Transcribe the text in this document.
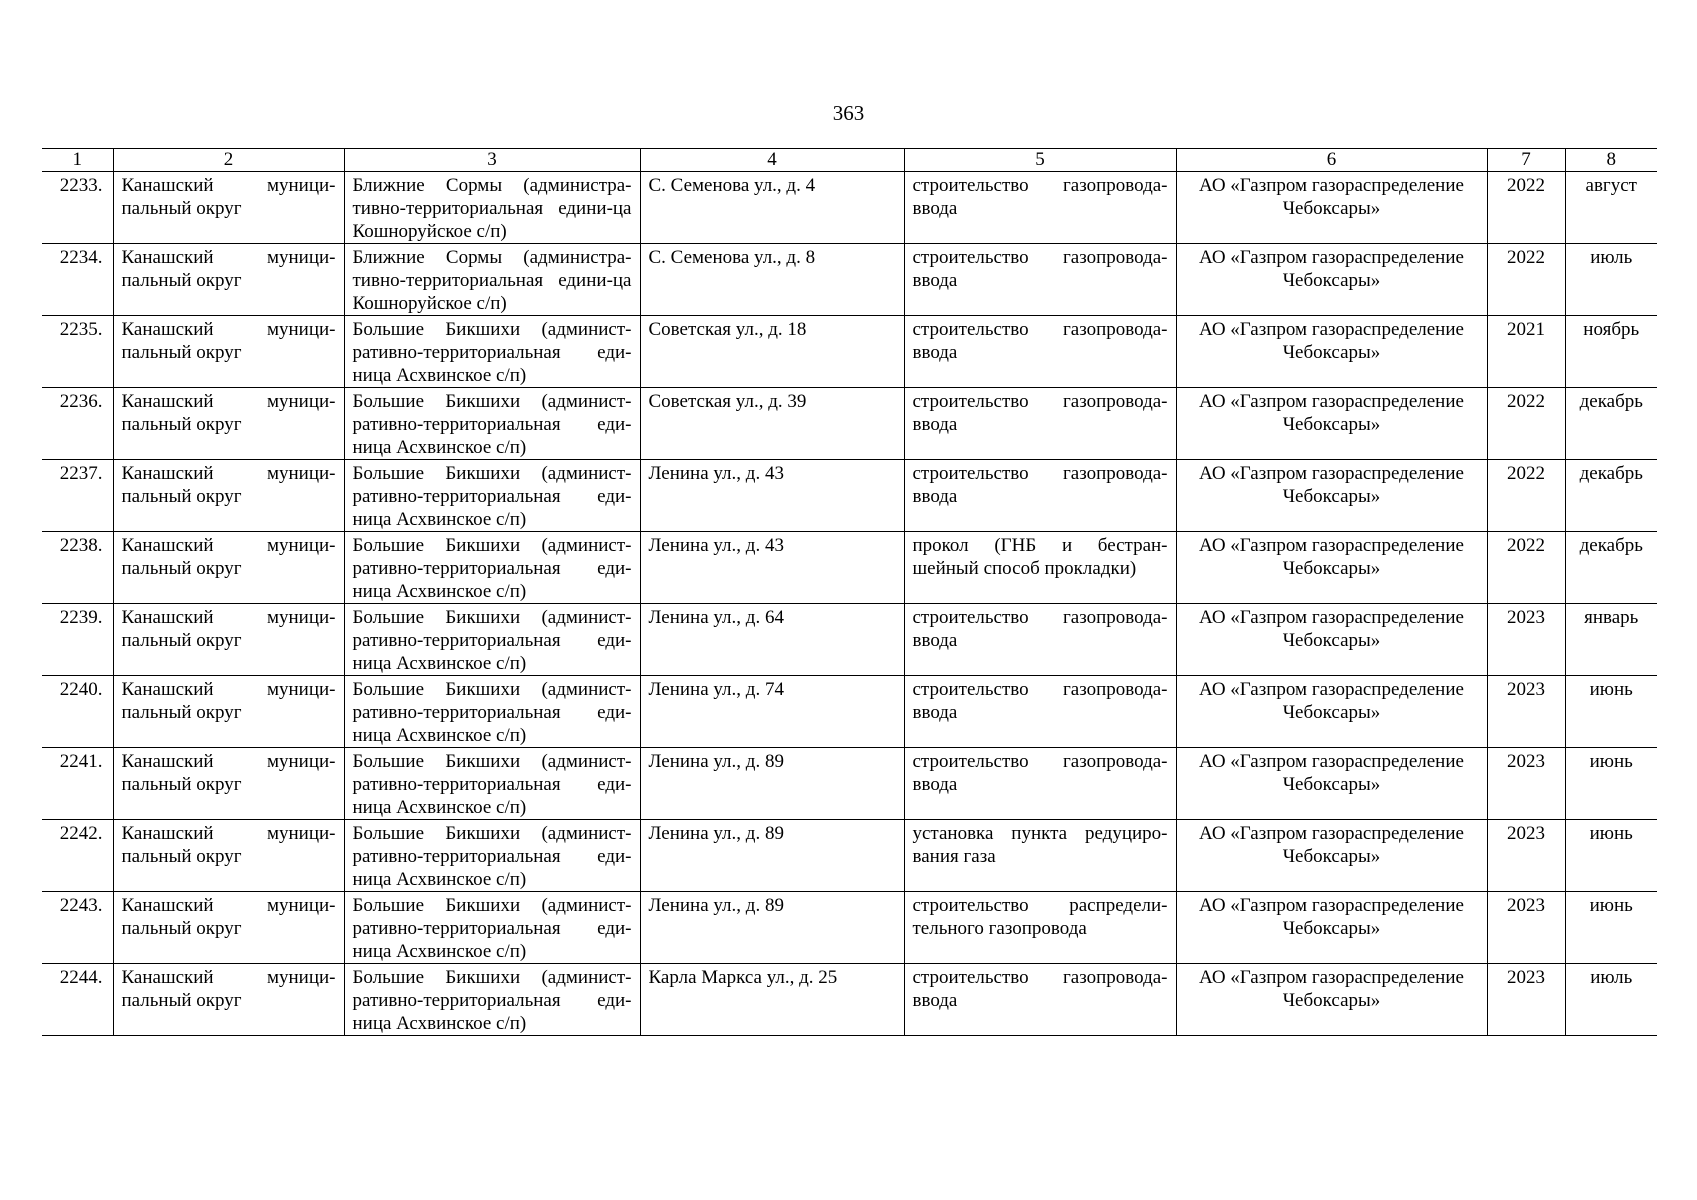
363
1	2	3	4	5	6	7	8
2233.	Канашский муници-пальный округ	Ближние Сормы (администра-тивно-территориальная едини-ца Кошноруйское с/п)	С. Семенова ул., д. 4	строительство газопровода-ввода	АО «Газпром газораспределение Чебоксары»	2022	август
2234.	Канашский муници-пальный округ	Ближние Сормы (администра-тивно-территориальная едини-ца Кошноруйское с/п)	С. Семенова ул., д. 8	строительство газопровода-ввода	АО «Газпром газораспределение Чебоксары»	2022	июль
2235.	Канашский муници-пальный округ	Большие Бикшихи (админист-ративно-территориальная еди-ница Асхвинское с/п)	Советская ул., д. 18	строительство газопровода-ввода	АО «Газпром газораспределение Чебоксары»	2021	ноябрь
2236.	Канашский муници-пальный округ	Большие Бикшихи (админист-ративно-территориальная еди-ница Асхвинское с/п)	Советская ул., д. 39	строительство газопровода-ввода	АО «Газпром газораспределение Чебоксары»	2022	декабрь
2237.	Канашский муници-пальный округ	Большие Бикшихи (админист-ративно-территориальная еди-ница Асхвинское с/п)	Ленина ул., д. 43	строительство газопровода-ввода	АО «Газпром газораспределение Чебоксары»	2022	декабрь
2238.	Канашский муници-пальный округ	Большие Бикшихи (админист-ративно-территориальная еди-ница Асхвинское с/п)	Ленина ул., д. 43	прокол (ГНБ и бестран-шейный способ прокладки)	АО «Газпром газораспределение Чебоксары»	2022	декабрь
2239.	Канашский муници-пальный округ	Большие Бикшихи (админист-ративно-территориальная еди-ница Асхвинское с/п)	Ленина ул., д. 64	строительство газопровода-ввода	АО «Газпром газораспределение Чебоксары»	2023	январь
2240.	Канашский муници-пальный округ	Большие Бикшихи (админист-ративно-территориальная еди-ница Асхвинское с/п)	Ленина ул., д. 74	строительство газопровода-ввода	АО «Газпром газораспределение Чебоксары»	2023	июнь
2241.	Канашский муници-пальный округ	Большие Бикшихи (админист-ративно-территориальная еди-ница Асхвинское с/п)	Ленина ул., д. 89	строительство газопровода-ввода	АО «Газпром газораспределение Чебоксары»	2023	июнь
2242.	Канашский муници-пальный округ	Большие Бикшихи (админист-ративно-территориальная еди-ница Асхвинское с/п)	Ленина ул., д. 89	установка пункта редуциро-вания газа	АО «Газпром газораспределение Чебоксары»	2023	июнь
2243.	Канашский муници-пальный округ	Большие Бикшихи (админист-ративно-территориальная еди-ница Асхвинское с/п)	Ленина ул., д. 89	строительство распредели-тельного газопровода	АО «Газпром газораспределение Чебоксары»	2023	июнь
2244.	Канашский муници-пальный округ	Большие Бикшихи (админист-ративно-территориальная еди-ница Асхвинское с/п)	Карла Маркса ул., д. 25	строительство газопровода-ввода	АО «Газпром газораспределение Чебоксары»	2023	июль
